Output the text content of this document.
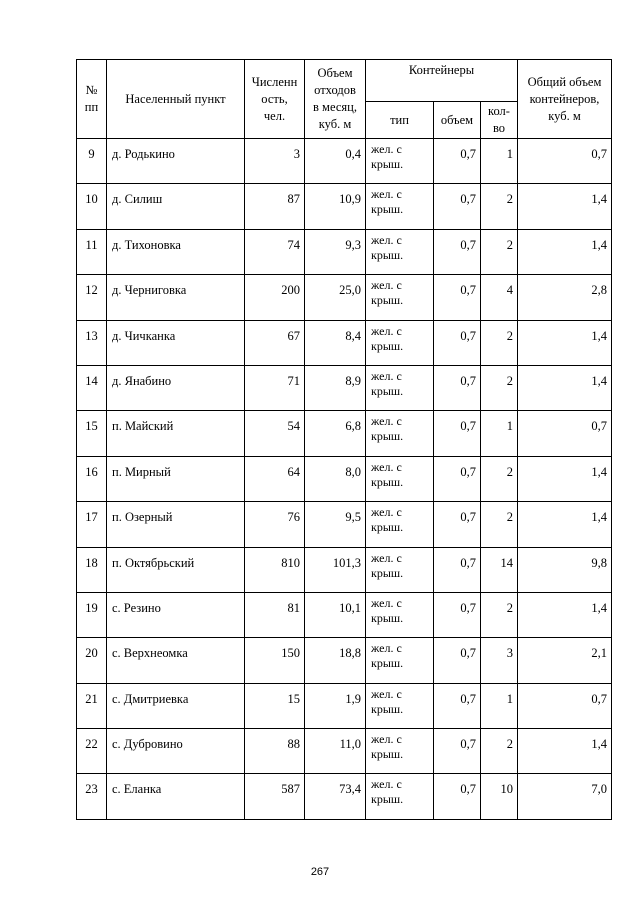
№
пп	Населенный пункт	Численн
ость,
чел.	Объем
отходов
в месяц,
куб. м	Контейнеры			Общий объем
контейнеров,
куб. м
				тип	объем	кол-
во	
9	д. Родькино	3	0,4	жел. с
крыш.	0,7	1	0,7
10	д. Силиш	87	10,9	жел. с
крыш.	0,7	2	1,4
11	д. Тихоновка	74	9,3	жел. с
крыш.	0,7	2	1,4
12	д. Черниговка	200	25,0	жел. с
крыш.	0,7	4	2,8
13	д. Чичканка	67	8,4	жел. с
крыш.	0,7	2	1,4
14	д. Янабино	71	8,9	жел. с
крыш.	0,7	2	1,4
15	п. Майский	54	6,8	жел. с
крыш.	0,7	1	0,7
16	п. Мирный	64	8,0	жел. с
крыш.	0,7	2	1,4
17	п. Озерный	76	9,5	жел. с
крыш.	0,7	2	1,4
18	п. Октябрьский	810	101,3	жел. с
крыш.	0,7	14	9,8
19	с. Резино	81	10,1	жел. с
крыш.	0,7	2	1,4
20	с. Верхнеомка	150	18,8	жел. с
крыш.	0,7	3	2,1
21	с. Дмитриевка	15	1,9	жел. с
крыш.	0,7	1	0,7
22	с. Дубровино	88	11,0	жел. с
крыш.	0,7	2	1,4
23	с. Еланка	587	73,4	жел. с
крыш.	0,7	10	7,0
267
